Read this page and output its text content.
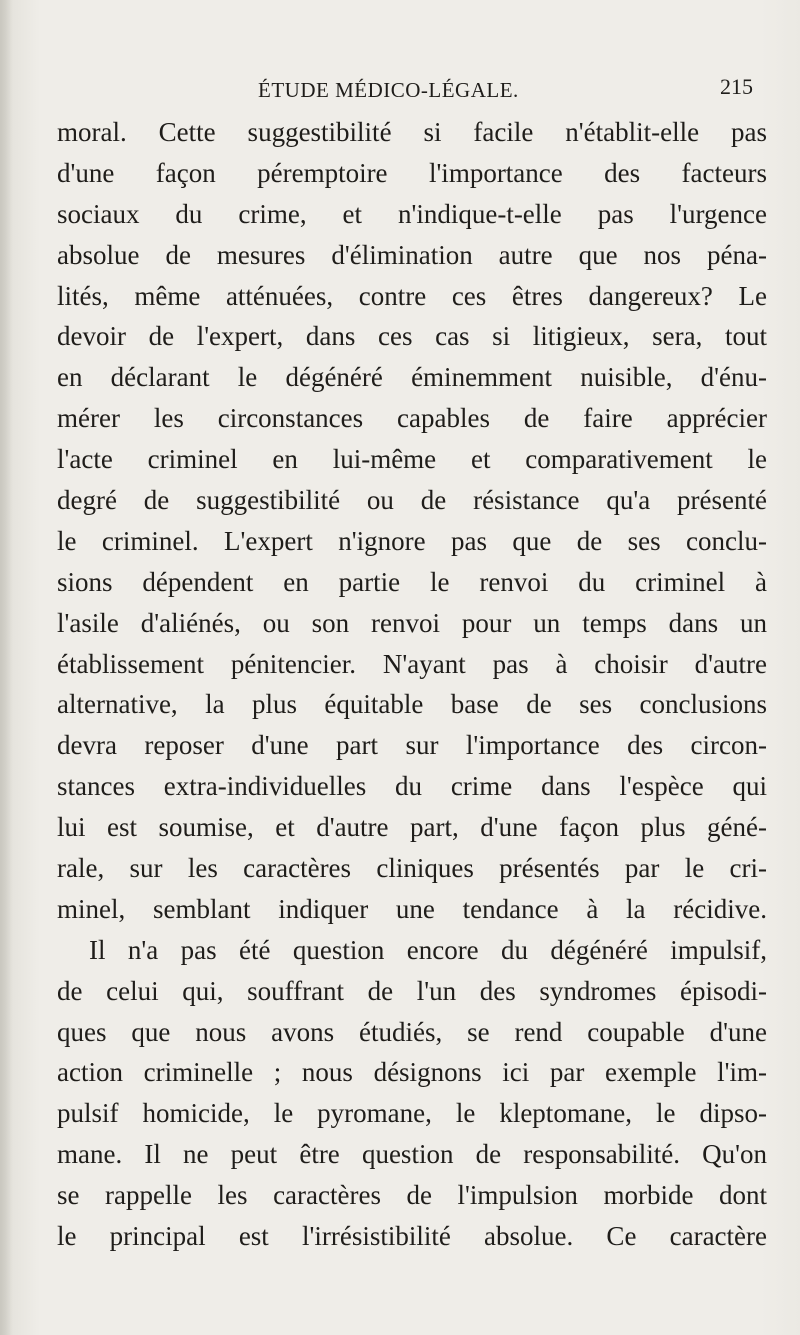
ÉTUDE MÉDICO-LÉGALE.	215
moral. Cette suggestibilité si facile n'établit-elle pas
d'une façon péremptoire l'importance des facteurs
sociaux du crime, et n'indique-t-elle pas l'urgence
absolue de mesures d'élimination autre que nos péna-
lités, même atténuées, contre ces êtres dangereux? Le
devoir de l'expert, dans ces cas si litigieux, sera, tout
en déclarant le dégénéré éminemment nuisible, d'énu-
mérer les circonstances capables de faire apprécier
l'acte criminel en lui-même et comparativement le
degré de suggestibilité ou de résistance qu'a présenté
le criminel. L'expert n'ignore pas que de ses conclu-
sions dépendent en partie le renvoi du criminel à
l'asile d'aliénés, ou son renvoi pour un temps dans un
établissement pénitencier. N'ayant pas à choisir d'autre
alternative, la plus équitable base de ses conclusions
devra reposer d'une part sur l'importance des circon-
stances extra-individuelles du crime dans l'espèce qui
lui est soumise, et d'autre part, d'une façon plus géné-
rale, sur les caractères cliniques présentés par le cri-
minel, semblant indiquer une tendance à la récidive.
Il n'a pas été question encore du dégénéré impulsif,
de celui qui, souffrant de l'un des syndromes épisodi-
ques que nous avons étudiés, se rend coupable d'une
action criminelle ; nous désignons ici par exemple l'im-
pulsif homicide, le pyromane, le kleptomane, le dipso-
mane. Il ne peut être question de responsabilité. Qu'on
se rappelle les caractères de l'impulsion morbide dont
le principal est l'irrésistibilité absolue. Ce caractère
